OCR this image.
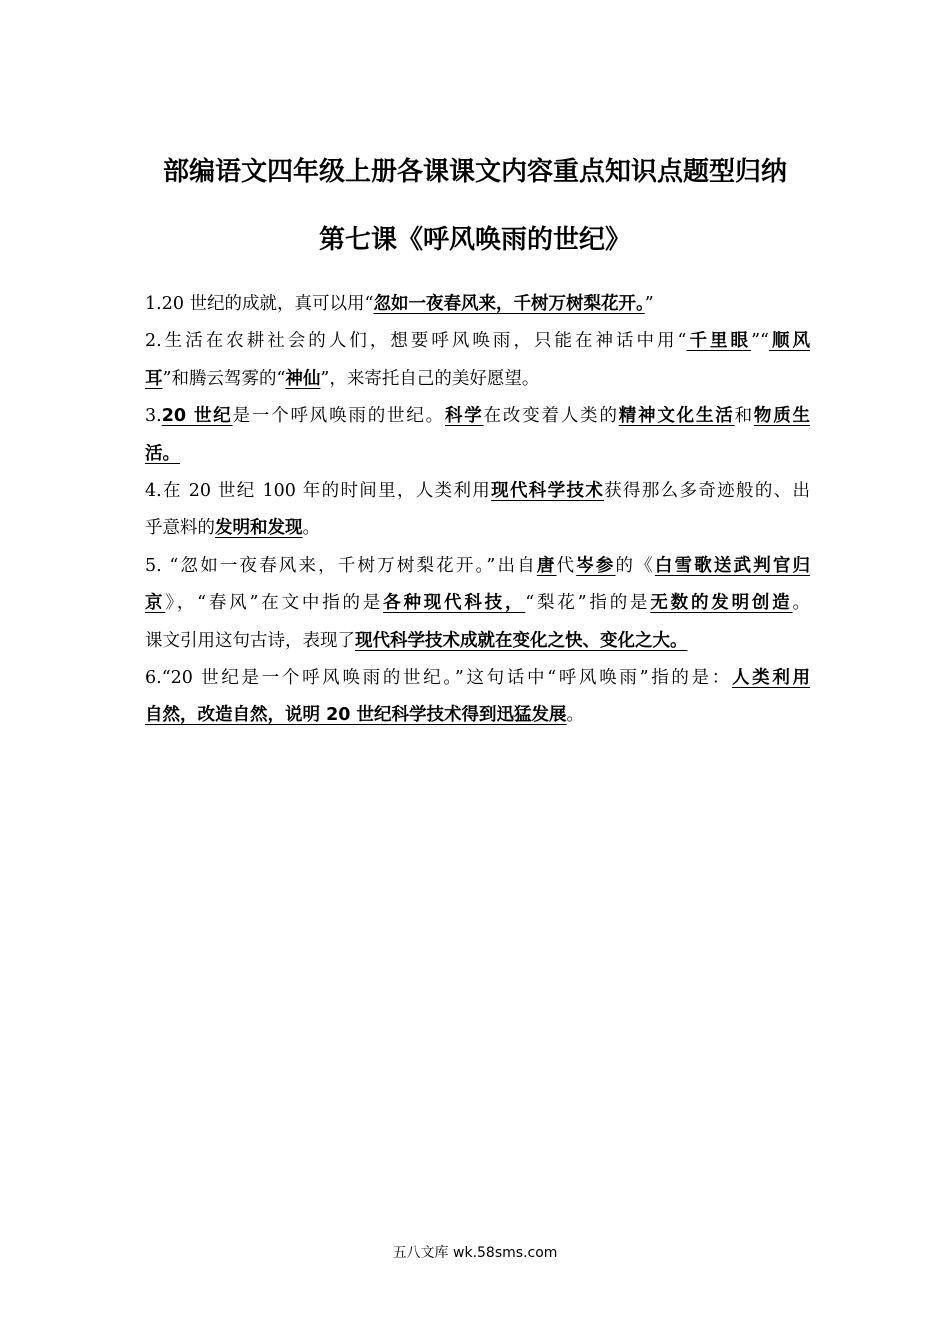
部编语文四年级上册各课课文内容重点知识点题型归纳
第七课《呼风唤雨的世纪》
1.20 世纪的成就，真可以用“忽如一夜春风来，千树万树梨花开。”
2.生活在农耕社会的人们，想要呼风唤雨，只能在神话中用“千里眼”“顺风
耳”和腾云驾雾的“神仙”，来寄托自己的美好愿望。
3.20 世纪是一个呼风唤雨的世纪。科学在改变着人类的精神文化生活和物质生
活。
4.在 20 世纪 100 年的时间里，人类利用现代科学技术获得那么多奇迹般的、出
乎意料的发明和发现。
5. “忽如一夜春风来，千树万树梨花开。”出自唐代岑参的《白雪歌送武判官归
京》，“春风”在文中指的是各种现代科技，“梨花”指的是无数的发明创造。
课文引用这句古诗，表现了现代科学技术成就在变化之快、变化之大。
6.“20 世纪是一个呼风唤雨的世纪。”这句话中“呼风唤雨”指的是：人类利用
自然，改造自然，说明 20 世纪科学技术得到迅猛发展。
五八文库 wk.58sms.com
